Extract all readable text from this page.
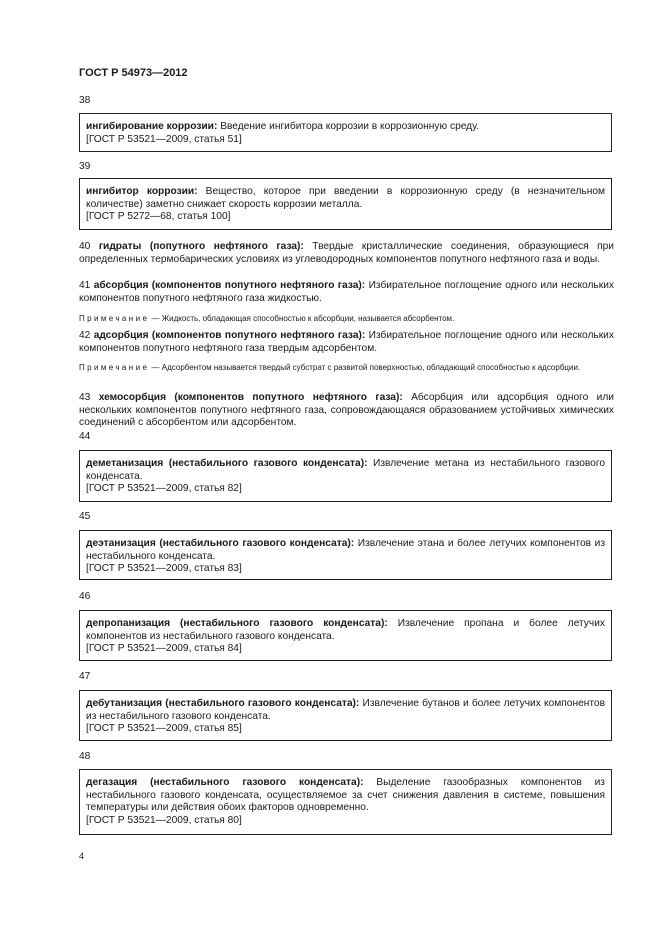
ГОСТ Р 54973—2012
38

ингибирование коррозии: Введение ингибитора коррозии в коррозионную среду.

[ГОСТ Р 53521—2009, статья 51]

39

ингибитор коррозии: Вещество, которое при введении в коррозионную среду (в незначительном количестве) заметно снижает скорость коррозии металла.

[ГОСТ Р 5272—68, статья 100]

40 гидраты (попутного нефтяного газа): Твердые кристаллические соединения, образующиеся при определенных термобарических условиях из углеводородных компонентов попутного нефтяного газа и воды.

41 абсорбция (компонентов попутного нефтяного газа): Избирательное поглощение одного или нескольких компонентов попутного нефтяного газа жидкостью.

Примечание — Жидкость, обладающая способностью к абсорбции, называется абсорбентом.

42 адсорбция (компонентов попутного нефтяного газа): Избирательное поглощение одного или нескольких компонентов попутного нефтяного газа твердым адсорбентом.

Примечание — Адсорбентом называется твердый субстрат с развитой поверхностью, обладающий способностью к адсорбции.

43 хемосорбция (компонентов попутного нефтяного газа): Абсорбция или адсорбция одного или нескольких компонентов попутного нефтяного газа, сопровождающаяся образованием устойчивых химических соединений с абсорбентом или адсорбентом.

44

деметанизация (нестабильного газового конденсата): Извлечение метана из нестабильного газового конденсата.

[ГОСТ Р 53521—2009, статья 82]

45

деэтанизация (нестабильного газового конденсата): Извлечение этана и более летучих компонентов из нестабильного конденсата.

[ГОСТ Р 53521—2009, статья 83]

46

депропанизация (нестабильного газового конденсата): Извлечение пропана и более летучих компонентов из нестабильного газового конденсата.

[ГОСТ Р 53521—2009, статья 84]

47

дебутанизация (нестабильного газового конденсата): Извлечение бутанов и более летучих компонентов из нестабильного газового конденсата.

[ГОСТ Р 53521—2009, статья 85]

48

дегазация (нестабильного газового конденсата): Выделение газообразных компонентов из нестабильного газового конденсата, осуществляемое за счет снижения давления в системе, повышения температуры или действия обоих факторов одновременно.

[ГОСТ Р 53521—2009, статья 80]

4
